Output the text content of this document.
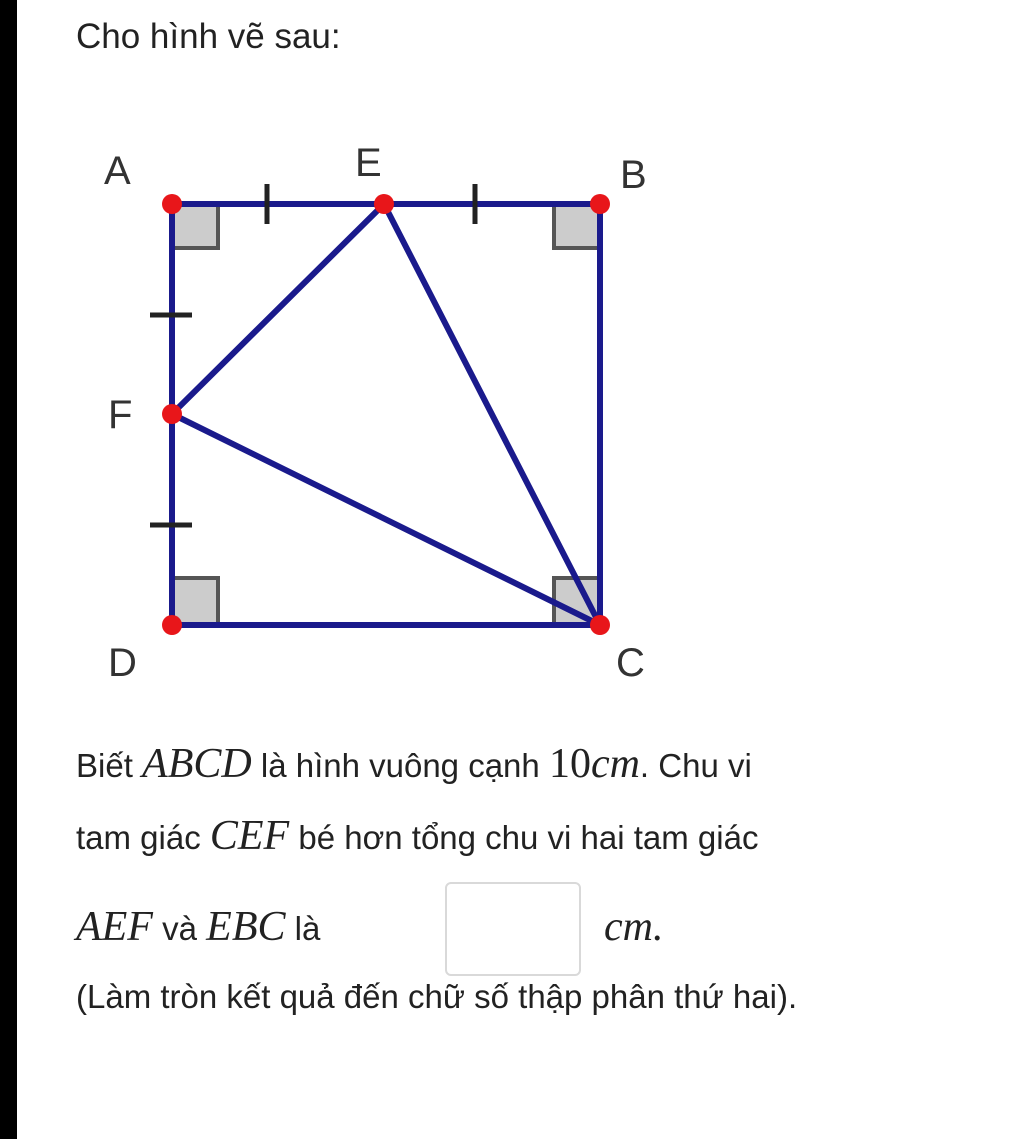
Cho hình vẽ sau:
A	E	B
F
D	C
Biết ABCD là hình vuông cạnh 10cm. Chu vi
tam giác CEF bé hơn tổng chu vi hai tam giác
AEF và EBC là	cm.
(Làm tròn kết quả đến chữ số thập phân thứ hai).
